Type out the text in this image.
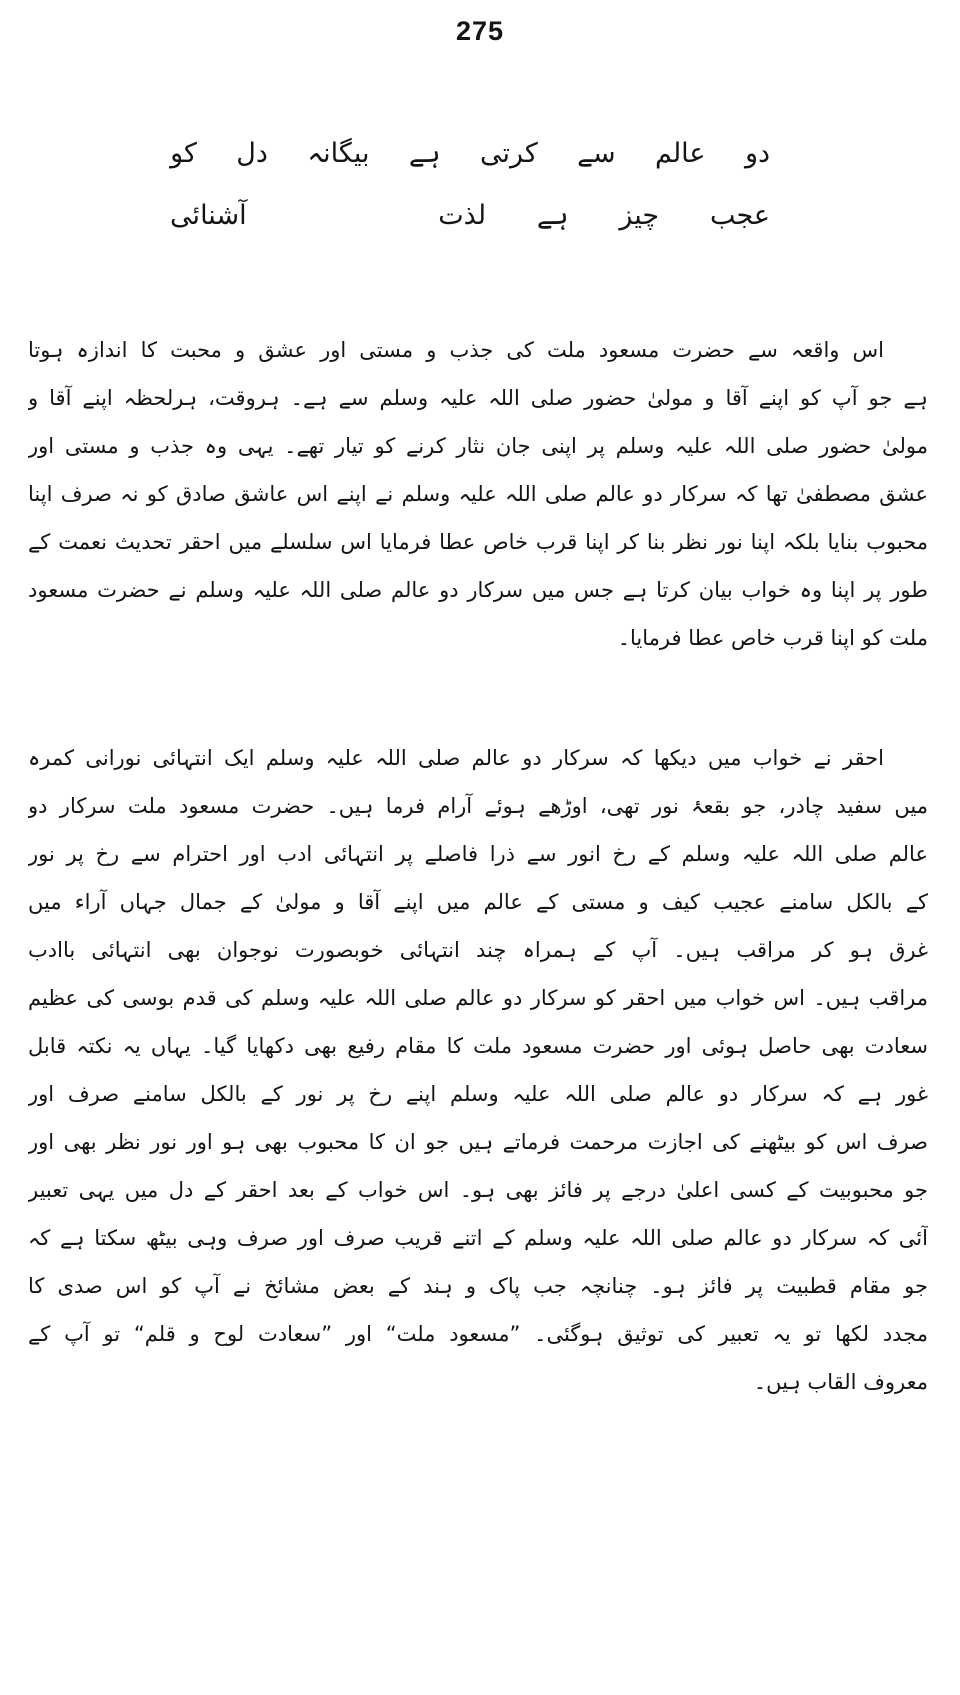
275
دو
عالم
سے
کرتی
ہے
بیگانہ
دل
کو
عجب
چیز
ہے
لذت
آشنائی
اس واقعہ سے حضرت مسعود ملت کی جذب و مستی اور عشق و محبت کا اندازہ ہوتا
ہے جو آپ کو اپنے آقا و مولیٰ حضور صلی اللہ علیہ وسلم سے ہے۔ ہروقت، ہرلحظہ اپنے آقا و
مولیٰ حضور صلی اللہ علیہ وسلم پر اپنی جان نثار کرنے کو تیار تھے۔ یہی وہ جذب و مستی اور
عشق مصطفیٰ تھا کہ سرکار دو عالم صلی اللہ علیہ وسلم نے اپنے اس عاشق صادق کو نہ صرف اپنا
محبوب بنایا بلکہ اپنا نور نظر بنا کر اپنا قرب خاص عطا فرمایا اس سلسلے میں احقر تحدیث نعمت کے
طور پر اپنا وہ خواب بیان کرتا ہے جس میں سرکار دو عالم صلی اللہ علیہ وسلم نے حضرت مسعود
ملت کو اپنا قرب خاص عطا فرمایا۔
احقر نے خواب میں دیکھا کہ سرکار دو عالم صلی اللہ علیہ وسلم ایک انتہائی نورانی کمرہ
میں سفید چادر، جو بقعۂ نور تھی، اوڑھے ہوئے آرام فرما ہیں۔ حضرت مسعود ملت سرکار دو
عالم صلی اللہ علیہ وسلم کے رخ انور سے ذرا فاصلے پر انتہائی ادب اور احترام سے رخ پر نور
کے بالکل سامنے عجیب کیف و مستی کے عالم میں اپنے آقا و مولیٰ کے جمال جہاں آراء میں
غرق ہو کر مراقب ہیں۔ آپ کے ہمراہ چند انتہائی خوبصورت نوجوان بھی انتہائی باادب
مراقب ہیں۔ اس خواب میں احقر کو سرکار دو عالم صلی اللہ علیہ وسلم کی قدم بوسی کی عظیم
سعادت بھی حاصل ہوئی اور حضرت مسعود ملت کا مقام رفیع بھی دکھایا گیا۔ یہاں یہ نکتہ قابل
غور ہے کہ سرکار دو عالم صلی اللہ علیہ وسلم اپنے رخ پر نور کے بالکل سامنے صرف اور
صرف اس کو بیٹھنے کی اجازت مرحمت فرماتے ہیں جو ان کا محبوب بھی ہو اور نور نظر بھی اور
جو محبوبیت کے کسی اعلیٰ درجے پر فائز بھی ہو۔ اس خواب کے بعد احقر کے دل میں یہی تعبیر
آئی کہ سرکار دو عالم صلی اللہ علیہ وسلم کے اتنے قریب صرف اور صرف وہی بیٹھ سکتا ہے کہ
جو مقام قطبیت پر فائز ہو۔ چنانچہ جب پاک و ہند کے بعض مشائخ نے آپ کو اس صدی کا
مجدد لکھا تو یہ تعبیر کی توثیق ہوگئی۔ ”مسعود ملت“ اور ”سعادت لوح و قلم“ تو آپ کے
معروف القاب ہیں۔
